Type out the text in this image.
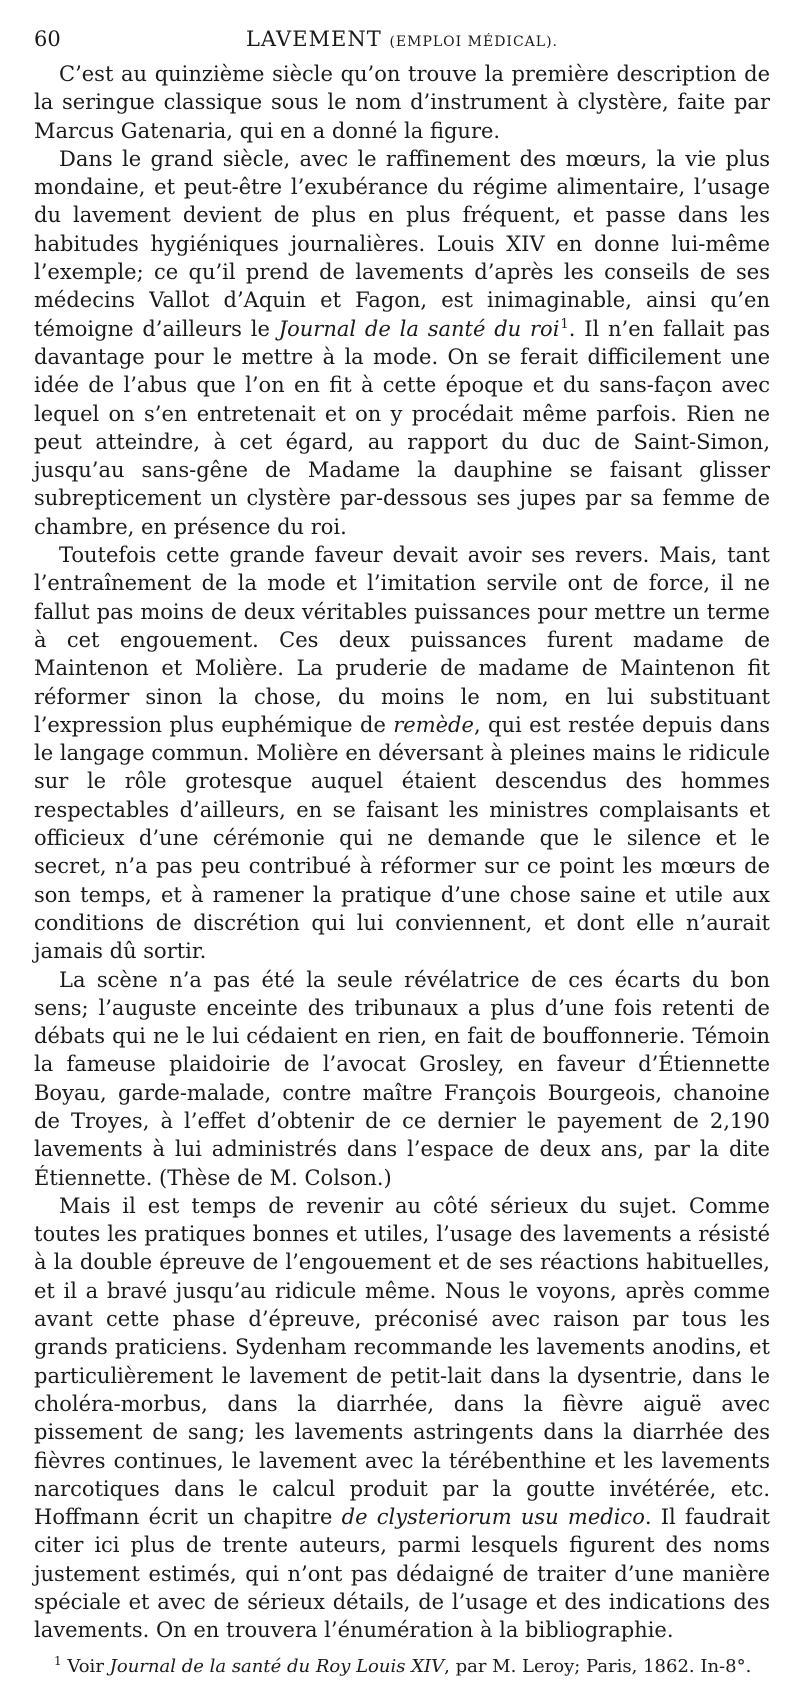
60	LAVEMENT (EMPLOI MÉDICAL).

C’est au quinzième siècle qu’on trouve la première description de la seringue classique sous le nom d’instrument à clystère, faite par Marcus Gatenaria, qui en a donné la figure.

Dans le grand siècle, avec le raffinement des mœurs, la vie plus mondaine, et peut-être l’exubérance du régime alimentaire, l’usage du lavement devient de plus en plus fréquent, et passe dans les habitudes hygiéniques journalières. Louis XIV en donne lui-même l’exemple; ce qu’il prend de lavements d’après les conseils de ses médecins Vallot d’Aquin et Fagon, est inimaginable, ainsi qu’en témoigne d’ailleurs le Journal de la santé du roi$^1$. Il n’en fallait pas davantage pour le mettre à la mode. On se ferait difficilement une idée de l’abus que l’on en fit à cette époque et du sans-façon avec lequel on s’en entretenait et on y procédait même parfois. Rien ne peut atteindre, à cet égard, au rapport du duc de Saint-Simon, jusqu’au sans-gêne de Madame la dauphine se faisant glisser subrepticement un clystère par-dessous ses jupes par sa femme de chambre, en présence du roi.

Toutefois cette grande faveur devait avoir ses revers. Mais, tant l’entraînement de la mode et l’imitation servile ont de force, il ne fallut pas moins de deux véritables puissances pour mettre un terme à cet engouement. Ces deux puissances furent madame de Maintenon et Molière. La pruderie de madame de Maintenon fit réformer sinon la chose, du moins le nom, en lui substituant l’expression plus euphémique de remède, qui est restée depuis dans le langage commun. Molière en déversant à pleines mains le ridicule sur le rôle grotesque auquel étaient descendus des hommes respectables d’ailleurs, en se faisant les ministres complaisants et officieux d’une cérémonie qui ne demande que le silence et le secret, n’a pas peu contribué à réformer sur ce point les mœurs de son temps, et à ramener la pratique d’une chose saine et utile aux conditions de discrétion qui lui conviennent, et dont elle n’aurait jamais dû sortir.

La scène n’a pas été la seule révélatrice de ces écarts du bon sens; l’auguste enceinte des tribunaux a plus d’une fois retenti de débats qui ne le lui cédaient en rien, en fait de bouffonnerie. Témoin la fameuse plaidoirie de l’avocat Grosley, en faveur d’Étiennette Boyau, garde-malade, contre maître François Bourgeois, chanoine de Troyes, à l’effet d’obtenir de ce dernier le payement de 2,190 lavements à lui administrés dans l’espace de deux ans, par la dite Étiennette. (Thèse de M. Colson.)

Mais il est temps de revenir au côté sérieux du sujet. Comme toutes les pratiques bonnes et utiles, l’usage des lavements a résisté à la double épreuve de l’engouement et de ses réactions habituelles, et il a bravé jusqu’au ridicule même. Nous le voyons, après comme avant cette phase d’épreuve, préconisé avec raison par tous les grands praticiens. Sydenham recommande les lavements anodins, et particulièrement le lavement de petit-lait dans la dysentrie, dans le choléra-morbus, dans la diarrhée, dans la fièvre aiguë avec pissement de sang; les lavements astringents dans la diarrhée des fièvres continues, le lavement avec la térébenthine et les lavements narcotiques dans le calcul produit par la goutte invétérée, etc. Hoffmann écrit un chapitre de clysteriorum usu medico. Il faudrait citer ici plus de trente auteurs, parmi lesquels figurent des noms justement estimés, qui n’ont pas dédaigné de traiter d’une manière spéciale et avec de sérieux détails, de l’usage et des indications des lavements. On en trouvera l’énumération à la bibliographie.

$^1$ Voir Journal de la santé du Roy Louis XIV, par M. Leroy; Paris, 1862. In-8°.
